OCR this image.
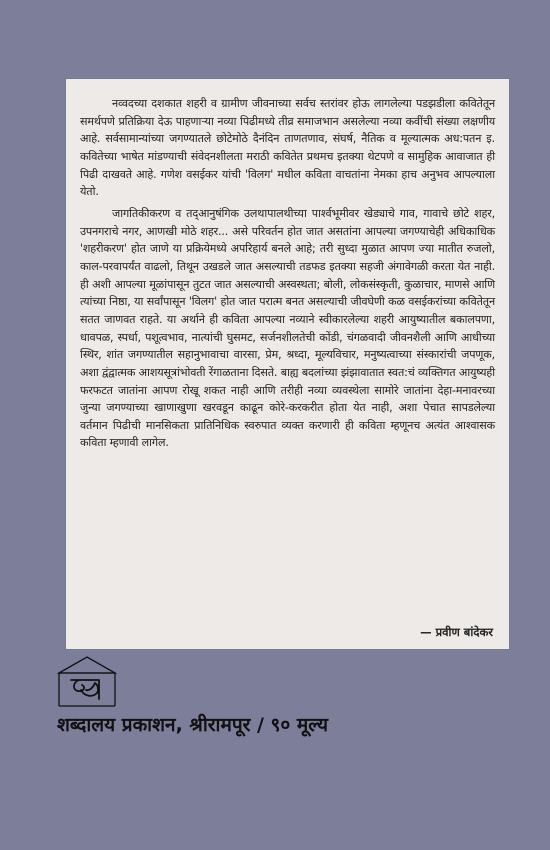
नव्वदच्या दशकात शहरी व ग्रामीण जीवनाच्या सर्वच स्तरांवर होऊ लागलेल्या पडझडीला कवितेतून समर्थपणे प्रतिक्रिया देऊ पाहणाऱ्या नव्या पिढीमध्ये तीव्र समाजभान असलेल्या नव्या कवींची संख्या लक्षणीय आहे. सर्वसामान्यांच्या जगण्यातले छोटेमोठे दैनंदिन ताणतणाव, संघर्ष, नैतिक व मूल्यात्मक अध:पतन इ. कवितेच्या भाषेत मांडण्याची संवेदनशीलता मराठी कवितेत प्रथमच इतक्या थेटपणे व सामुहिक आवाजात ही पिढी दाखवते आहे. गणेश वसईकर यांची 'विलग' मधील कविता वाचतांना नेमका हाच अनुभव आपल्याला येतो.

जागतिकीकरण व तद्आनुषंगिक उलथापालथीच्या पार्श्वभूमीवर खेड्याचे गाव, गावाचे छोटे शहर, उपनगराचे नगर, आणखी मोठे शहर... असे परिवर्तन होत जात असतांना आपल्या जगण्याचेही अधिकाधिक 'शहरीकरण' होत जाणे या प्रक्रियेमध्ये अपरिहार्य बनले आहे; तरी सुध्दा मुळात आपण ज्या मातीत रुजलो, काल-परवापर्यंत वाढलो, तिथून उखडले जात असल्याची तडफड इतक्या सहजी अंगावेगळी करता येत नाही. ही अशी आपल्या मूळांपासून तुटत जात असल्याची अस्वस्थता; बोली, लोकसंस्कृती, कुळाचार, माणसे आणि त्यांच्या निष्ठा, या सर्वांपासून 'विलग' होत जात परात्म बनत असल्याची जीवघेणी कळ वसईकरांच्या कवितेतून सतत जाणवत राहते. या अर्थाने ही कविता आपल्या नव्याने स्वीकारलेल्या शहरी आयुष्यातील बकालपणा, धावपळ, स्पर्धा, पशूत्वभाव, नात्यांची घुसमट, सर्जनशीलतेची कोंडी, चंगळवादी जीवनशैली आणि आधीच्या स्थिर, शांत जगण्यातील सहानुभावाचा वारसा, प्रेम, श्रध्दा, मूल्यविचार, मनुष्यत्वाच्या संस्कारांची जपणूक, अशा द्वंद्वात्मक आशयसूत्रांभोवती रेंगाळताना दिसते. बाह्य बदलांच्या झंझावातात स्वत:चं व्यक्तिगत आयुष्यही फरफटत जातांना आपण रोखू शकत नाही आणि तरीही नव्या व्यवस्थेला सामोरे जातांना देहा-मनावरच्या जुन्या जगण्याच्या खाणाखुणा खरवडून काढून कोरे-करकरीत होता येत नाही, अशा पेचात सापडलेल्या वर्तमान पिढीची मानसिकता प्रातिनिधिक स्वरुपात व्यक्त करणारी ही कविता म्हणूनच अत्यंत आश्वासक कविता म्हणावी लागेल.

— प्रवीण बांदेकर
शब्दालय प्रकाशन, श्रीरामपूर / ९० मूल्य
